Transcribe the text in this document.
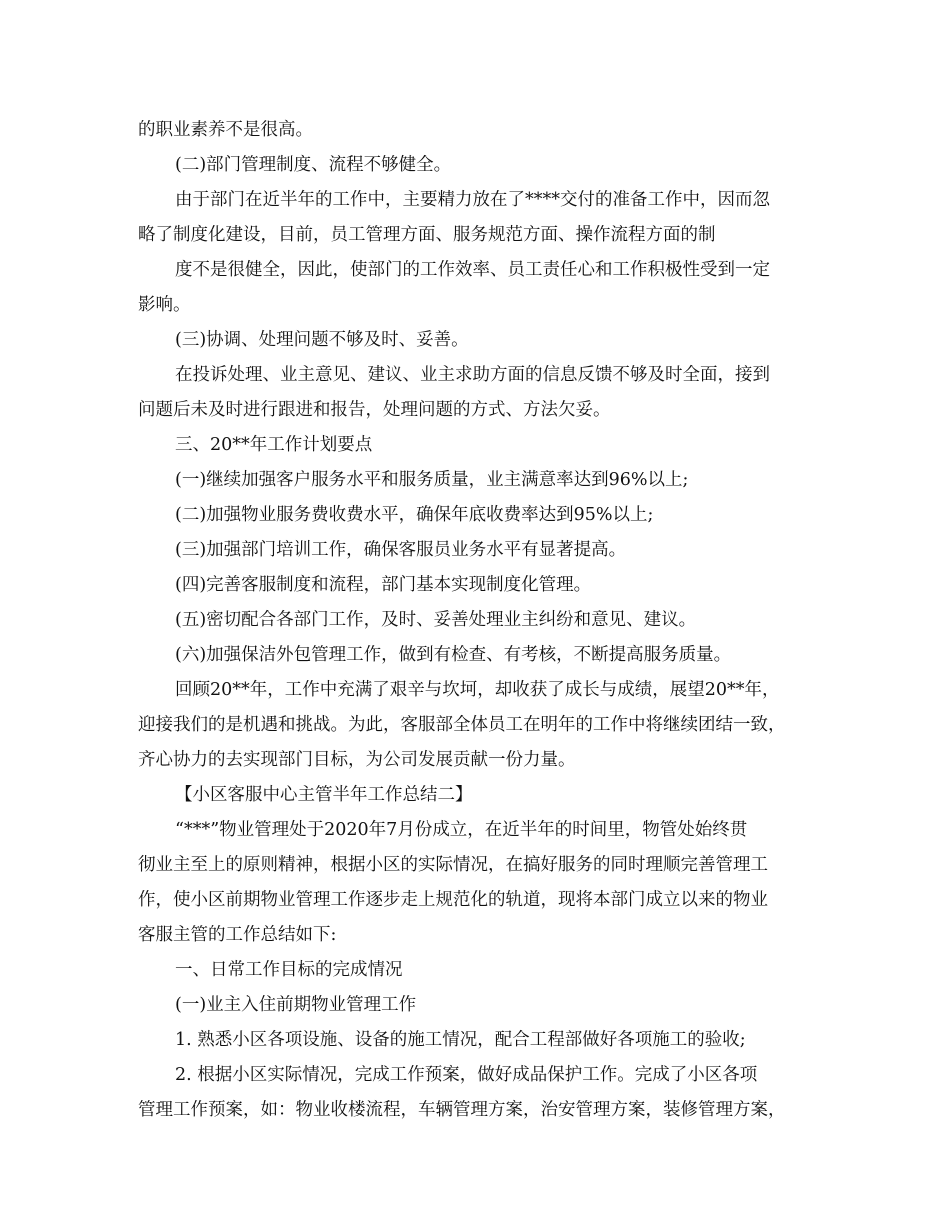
的职业素养不是很高。
(二)部门管理制度、流程不够健全。
由于部门在近半年的工作中，主要精力放在了****交付的准备工作中，因而忽
略了制度化建设，目前，员工管理方面、服务规范方面、操作流程方面的制
度不是很健全，因此，使部门的工作效率、员工责任心和工作积极性受到一定
影响。
(三)协调、处理问题不够及时、妥善。
在投诉处理、业主意见、建议、业主求助方面的信息反馈不够及时全面，接到
问题后未及时进行跟进和报告，处理问题的方式、方法欠妥。
三、20**年工作计划要点
(一)继续加强客户服务水平和服务质量，业主满意率达到96%以上;
(二)加强物业服务费收费水平，确保年底收费率达到95%以上;
(三)加强部门培训工作，确保客服员业务水平有显著提高。
(四)完善客服制度和流程，部门基本实现制度化管理。
(五)密切配合各部门工作，及时、妥善处理业主纠纷和意见、建议。
(六)加强保洁外包管理工作，做到有检查、有考核，不断提高服务质量。
回顾20**年，工作中充满了艰辛与坎坷，却收获了成长与成绩，展望20**年，
迎接我们的是机遇和挑战。为此，客服部全体员工在明年的工作中将继续团结一致，
齐心协力的去实现部门目标，为公司发展贡献一份力量。
【小区客服中心主管半年工作总结二】
“***”物业管理处于2020年7月份成立，在近半年的时间里，物管处始终贯
彻业主至上的原则精神，根据小区的实际情况，在搞好服务的同时理顺完善管理工
作，使小区前期物业管理工作逐步走上规范化的轨道，现将本部门成立以来的物业
客服主管的工作总结如下:
一、日常工作目标的完成情况
(一)业主入住前期物业管理工作
1. 熟悉小区各项设施、设备的施工情况，配合工程部做好各项施工的验收;
2. 根据小区实际情况，完成工作预案，做好成品保护工作。完成了小区各项
管理工作预案，如：物业收楼流程，车辆管理方案，治安管理方案，装修管理方案，
